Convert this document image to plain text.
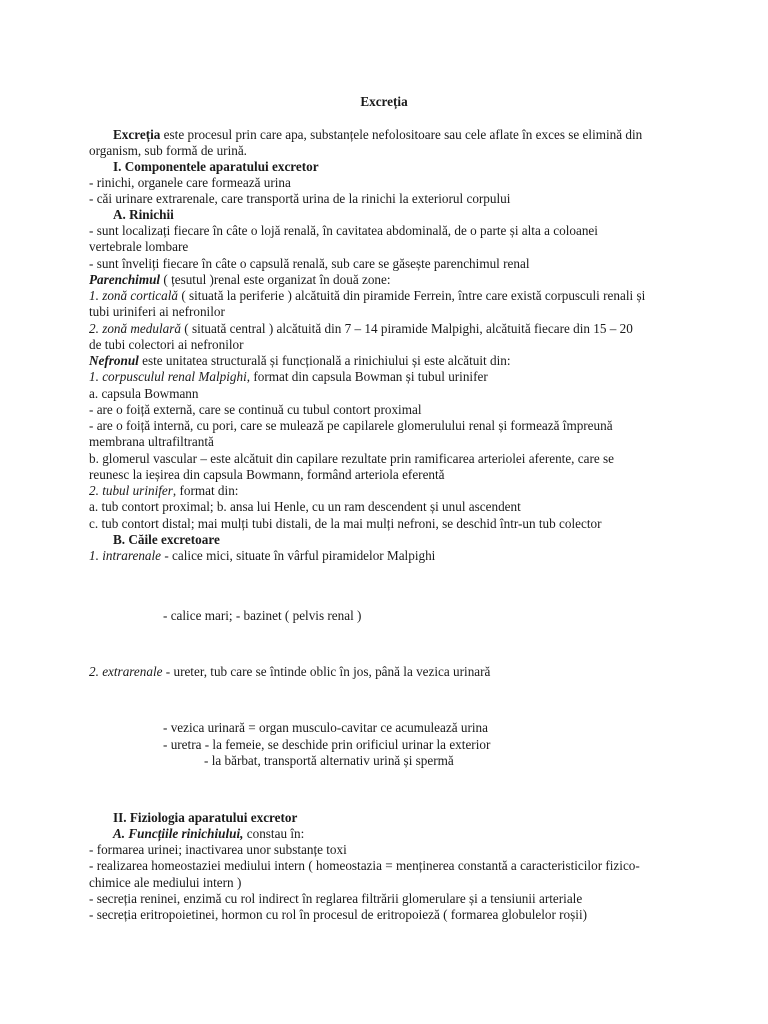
Excreția
Excreția este procesul prin care apa, substanțele nefolositoare sau cele aflate în exces se elimină din
organism, sub formă de urină.
I. Componentele aparatului excretor
- rinichi, organele care formează urina
- căi urinare extrarenale, care transportă urina de la rinichi la exteriorul corpului
A. Rinichii
- sunt localizați fiecare în câte o lojă renală, în cavitatea abdominală, de o parte și alta a coloanei
vertebrale lombare
- sunt înveliți fiecare în câte o capsulă renală, sub care se găsește parenchimul renal
Parenchimul ( țesutul )renal este organizat în două zone:
1. zonă corticală ( situată la periferie ) alcătuită din piramide Ferrein, între care există corpusculi renali și
tubi uriniferi ai nefronilor
2. zonă medulară ( situată central ) alcătuită din 7 – 14 piramide Malpighi, alcătuită fiecare din 15 – 20
de tubi colectori ai nefronilor
Nefronul este unitatea structurală și funcțională a rinichiului și este alcătuit din:
1. corpusculul renal Malpighi, format din capsula Bowman și tubul urinifer
a. capsula Bowmann
- are o foiță externă, care se continuă cu tubul contort proximal
- are o foiță internă, cu pori, care se mulează pe capilarele glomerulului renal și formează împreună
membrana ultrafiltrantă
b. glomerul vascular – este alcătuit din capilare rezultate prin ramificarea arteriolei aferente, care se
reunesc la ieșirea din capsula Bowmann, formând arteriola eferentă
2. tubul urinifer, format din:
a. tub contort proximal; b. ansa lui Henle, cu un ram descendent și unul ascendent
c. tub contort distal; mai mulți tubi distali, de la mai mulți nefroni, se deschid într-un tub colector
B. Căile excretoare
1. intrarenale - calice mici, situate în vârful piramidelor Malpighi
- calice mari; - bazinet ( pelvis renal )
2. extrarenale - ureter, tub care se întinde oblic în jos, până la vezica urinară
- vezica urinară = organ musculo-cavitar ce acumulează urina
- uretra - la femeie, se deschide prin orificiul urinar la exterior
- la bărbat, transportă alternativ urină și spermă
II. Fiziologia aparatului excretor
A. Funcțiile rinichiului, constau în:
- formarea urinei; inactivarea unor substanțe toxi
- realizarea homeostaziei mediului intern ( homeostazia = menținerea constantă a caracteristicilor fizico-
chimice ale mediului intern )
- secreția reninei, enzimă cu rol indirect în reglarea filtrării glomerulare și a tensiunii arteriale
- secreția eritropoietinei, hormon cu rol în procesul de eritropoieză ( formarea globulelor roșii)
